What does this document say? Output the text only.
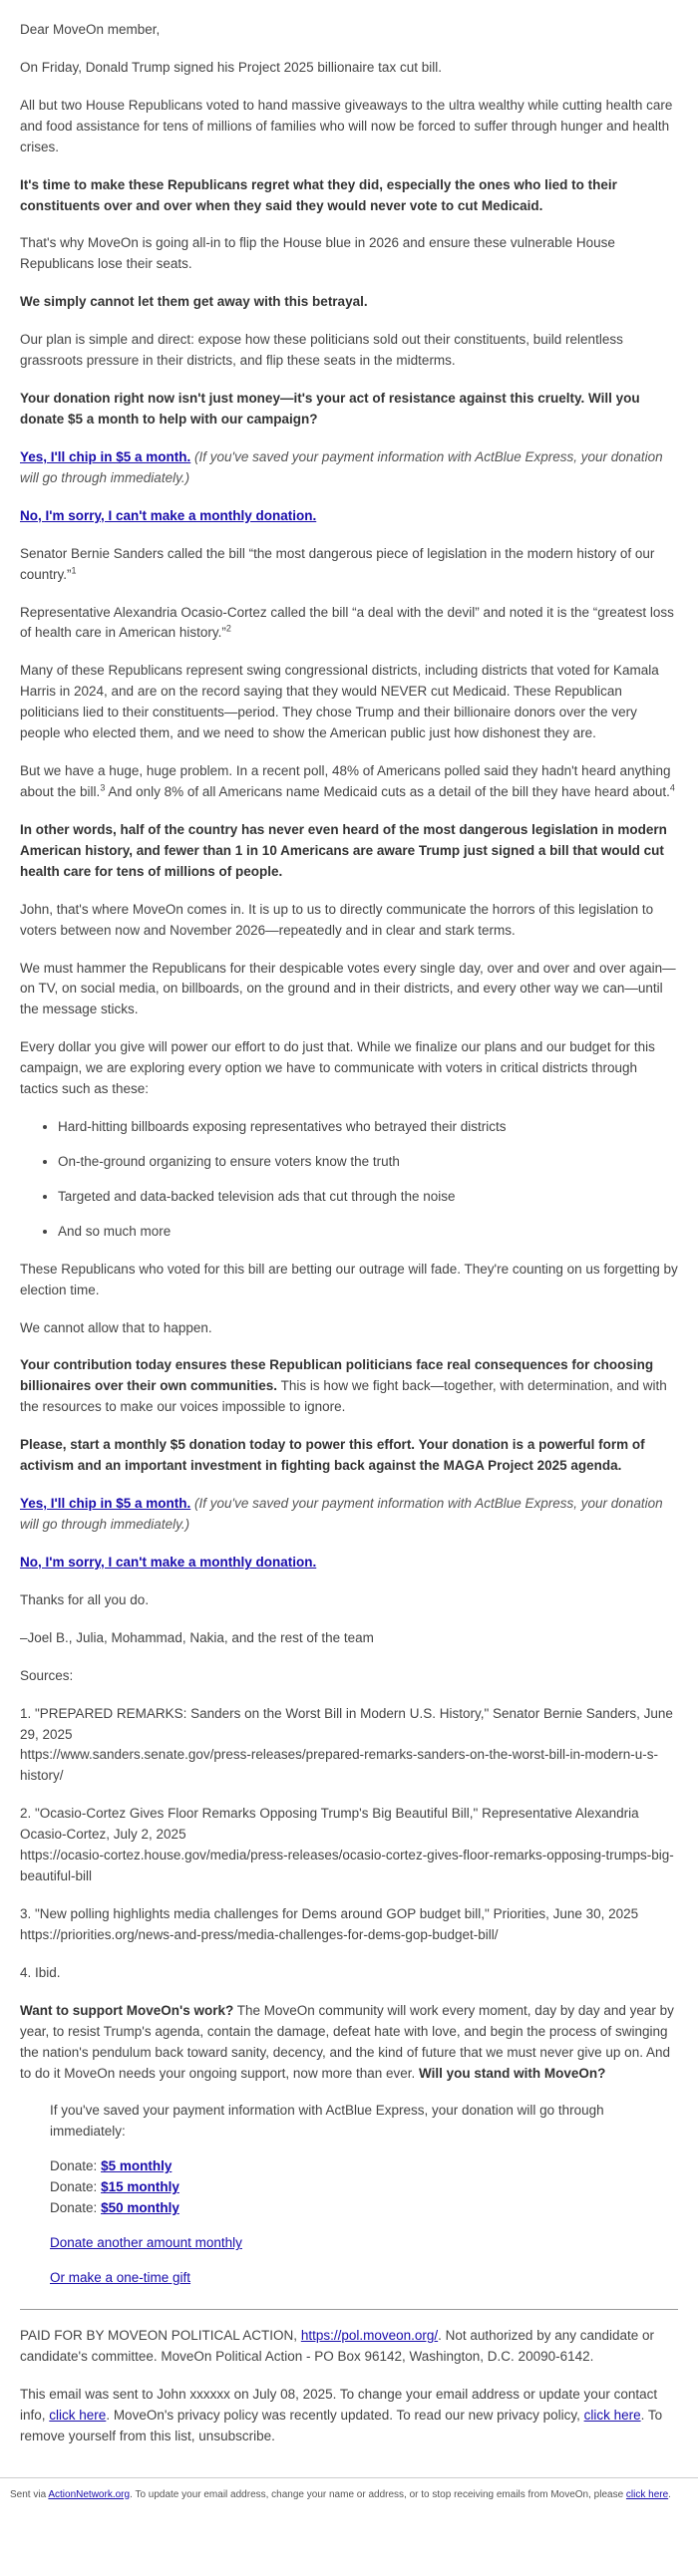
Dear MoveOn member,

On Friday, Donald Trump signed his Project 2025 billionaire tax cut bill.

All but two House Republicans voted to hand massive giveaways to the ultra wealthy while cutting health care and food assistance for tens of millions of families who will now be forced to suffer through hunger and health crises.

It's time to make these Republicans regret what they did, especially the ones who lied to their constituents over and over when they said they would never vote to cut Medicaid.

That's why MoveOn is going all-in to flip the House blue in 2026 and ensure these vulnerable House Republicans lose their seats.

We simply cannot let them get away with this betrayal.

Our plan is simple and direct: expose how these politicians sold out their constituents, build relentless grassroots pressure in their districts, and flip these seats in the midterms.

Your donation right now isn't just money—it's your act of resistance against this cruelty. Will you donate $5 a month to help with our campaign?

Yes, I'll chip in $5 a month. (If you've saved your payment information with ActBlue Express, your donation will go through immediately.)

No, I'm sorry, I can't make a monthly donation.

Senator Bernie Sanders called the bill “the most dangerous piece of legislation in the modern history of our country.”$^1$

Representative Alexandria Ocasio-Cortez called the bill “a deal with the devil” and noted it is the “greatest loss of health care in American history.”$^2$

Many of these Republicans represent swing congressional districts, including districts that voted for Kamala Harris in 2024, and are on the record saying that they would NEVER cut Medicaid. These Republican politicians lied to their constituents—period. They chose Trump and their billionaire donors over the very people who elected them, and we need to show the American public just how dishonest they are.

But we have a huge, huge problem. In a recent poll, 48% of Americans polled said they hadn't heard anything about the bill.$^3$ And only 8% of all Americans name Medicaid cuts as a detail of the bill they have heard about.$^4$

In other words, half of the country has never even heard of the most dangerous legislation in modern American history, and fewer than 1 in 10 Americans are aware Trump just signed a bill that would cut health care for tens of millions of people.

John, that's where MoveOn comes in. It is up to us to directly communicate the horrors of this legislation to voters between now and November 2026—repeatedly and in clear and stark terms.

We must hammer the Republicans for their despicable votes every single day, over and over and over again—on TV, on social media, on billboards, on the ground and in their districts, and every other way we can—until the message sticks.

Every dollar you give will power our effort to do just that. While we finalize our plans and our budget for this campaign, we are exploring every option we have to communicate with voters in critical districts through tactics such as these:

• Hard-hitting billboards exposing representatives who betrayed their districts
• On-the-ground organizing to ensure voters know the truth
• Targeted and data-backed television ads that cut through the noise
• And so much more

These Republicans who voted for this bill are betting our outrage will fade. They're counting on us forgetting by election time.

We cannot allow that to happen.

Your contribution today ensures these Republican politicians face real consequences for choosing billionaires over their own communities. This is how we fight back—together, with determination, and with the resources to make our voices impossible to ignore.

Please, start a monthly $5 donation today to power this effort. Your donation is a powerful form of activism and an important investment in fighting back against the MAGA Project 2025 agenda.

Yes, I'll chip in $5 a month. (If you've saved your payment information with ActBlue Express, your donation will go through immediately.)

No, I'm sorry, I can't make a monthly donation.

Thanks for all you do.

–Joel B., Julia, Mohammad, Nakia, and the rest of the team

Sources:

1. "PREPARED REMARKS: Sanders on the Worst Bill in Modern U.S. History," Senator Bernie Sanders, June 29, 2025
https://www.sanders.senate.gov/press-releases/prepared-remarks-sanders-on-the-worst-bill-in-modern-u-s-history/

2. "Ocasio-Cortez Gives Floor Remarks Opposing Trump's Big Beautiful Bill," Representative Alexandria Ocasio-Cortez, July 2, 2025
https://ocasio-cortez.house.gov/media/press-releases/ocasio-cortez-gives-floor-remarks-opposing-trumps-big-beautiful-bill

3. "New polling highlights media challenges for Dems around GOP budget bill," Priorities, June 30, 2025
https://priorities.org/news-and-press/media-challenges-for-dems-gop-budget-bill/

4. Ibid.

Want to support MoveOn's work? The MoveOn community will work every moment, day by day and year by year, to resist Trump's agenda, contain the damage, defeat hate with love, and begin the process of swinging the nation's pendulum back toward sanity, decency, and the kind of future that we must never give up on. And to do it MoveOn needs your ongoing support, now more than ever. Will you stand with MoveOn?

If you've saved your payment information with ActBlue Express, your donation will go through immediately:

Donate: $5 monthly
Donate: $15 monthly
Donate: $50 monthly

Donate another amount monthly

Or make a one-time gift

PAID FOR BY MOVEON POLITICAL ACTION, https://pol.moveon.org/. Not authorized by any candidate or candidate's committee. MoveOn Political Action - PO Box 96142, Washington, D.C. 20090-6142.

This email was sent to John xxxxxx on July 08, 2025. To change your email address or update your contact info, click here. MoveOn's privacy policy was recently updated. To read our new privacy policy, click here. To remove yourself from this list, unsubscribe.

Sent via ActionNetwork.org. To update your email address, change your name or address, or to stop receiving emails from MoveOn, please click here.
